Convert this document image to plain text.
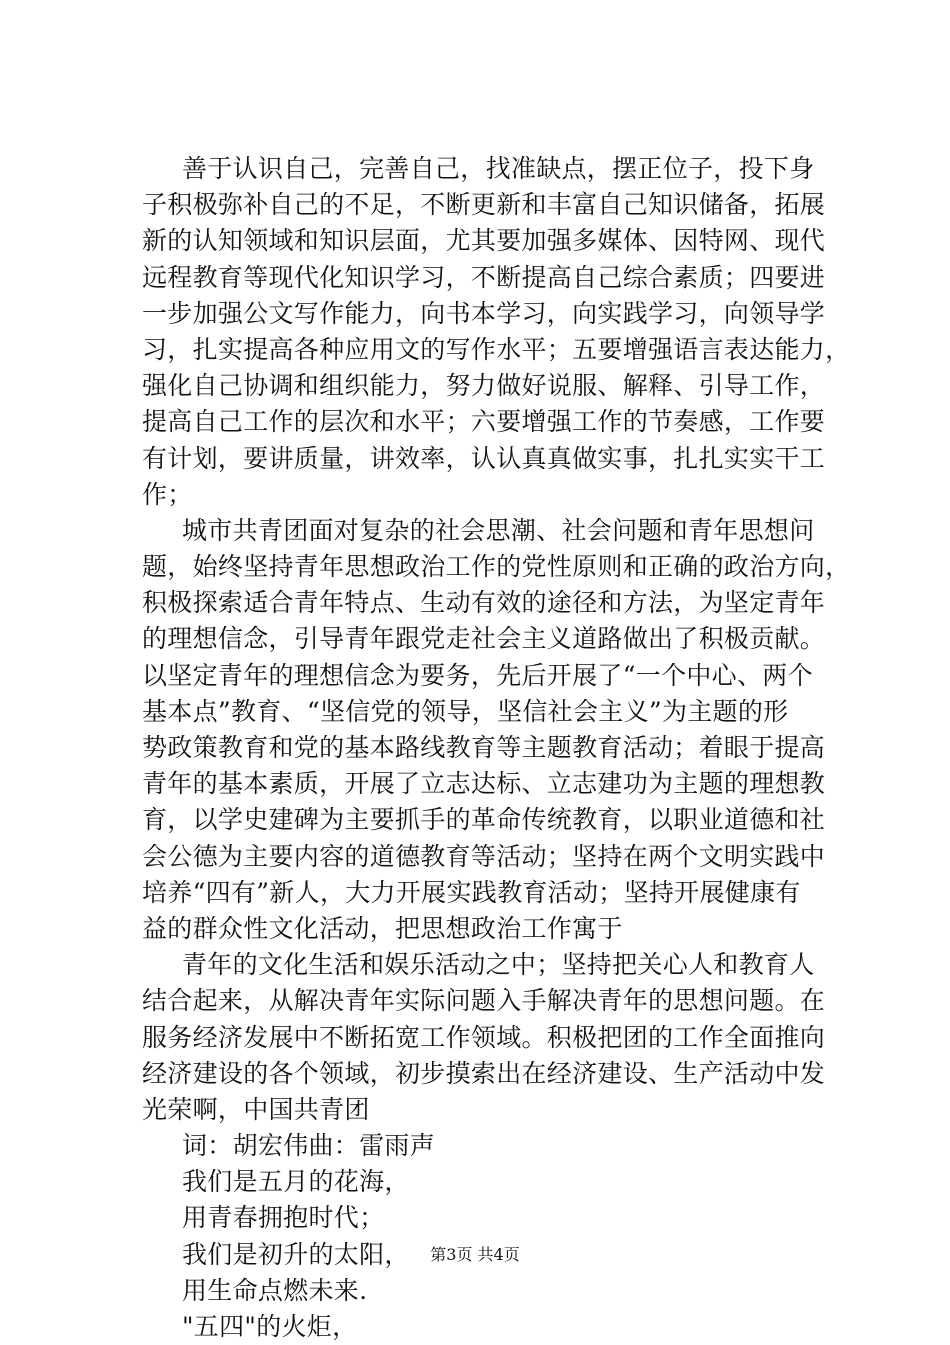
善于认识自己，完善自己，找准缺点，摆正位子，投下身
子积极弥补自己的不足，不断更新和丰富自己知识储备，拓展
新的认知领域和知识层面，尤其要加强多媒体、因特网、现代
远程教育等现代化知识学习，不断提高自己综合素质；四要进
一步加强公文写作能力，向书本学习，向实践学习，向领导学
习，扎实提高各种应用文的写作水平；五要增强语言表达能力，
强化自己协调和组织能力，努力做好说服、解释、引导工作，
提高自己工作的层次和水平；六要增强工作的节奏感，工作要
有计划，要讲质量，讲效率，认认真真做实事，扎扎实实干工
作；
城市共青团面对复杂的社会思潮、社会问题和青年思想问
题，始终坚持青年思想政治工作的党性原则和正确的政治方向，
积极探索适合青年特点、生动有效的途径和方法，为坚定青年
的理想信念，引导青年跟党走社会主义道路做出了积极贡献。
以坚定青年的理想信念为要务，先后开展了“一个中心、两个
基本点”教育、“坚信党的领导，坚信社会主义”为主题的形
势政策教育和党的基本路线教育等主题教育活动；着眼于提高
青年的基本素质，开展了立志达标、立志建功为主题的理想教
育，以学史建碑为主要抓手的革命传统教育，以职业道德和社
会公德为主要内容的道德教育等活动；坚持在两个文明实践中
培养“四有”新人，大力开展实践教育活动；坚持开展健康有
益的群众性文化活动，把思想政治工作寓于
青年的文化生活和娱乐活动之中；坚持把关心人和教育人
结合起来，从解决青年实际问题入手解决青年的思想问题。在
服务经济发展中不断拓宽工作领域。积极把团的工作全面推向
经济建设的各个领域，初步摸索出在经济建设、生产活动中发
光荣啊，中国共青团
词：胡宏伟曲：雷雨声
我们是五月的花海，
用青春拥抱时代；
我们是初升的太阳，
用生命点燃未来.
"五四"的火炬，
第3页 共4页
